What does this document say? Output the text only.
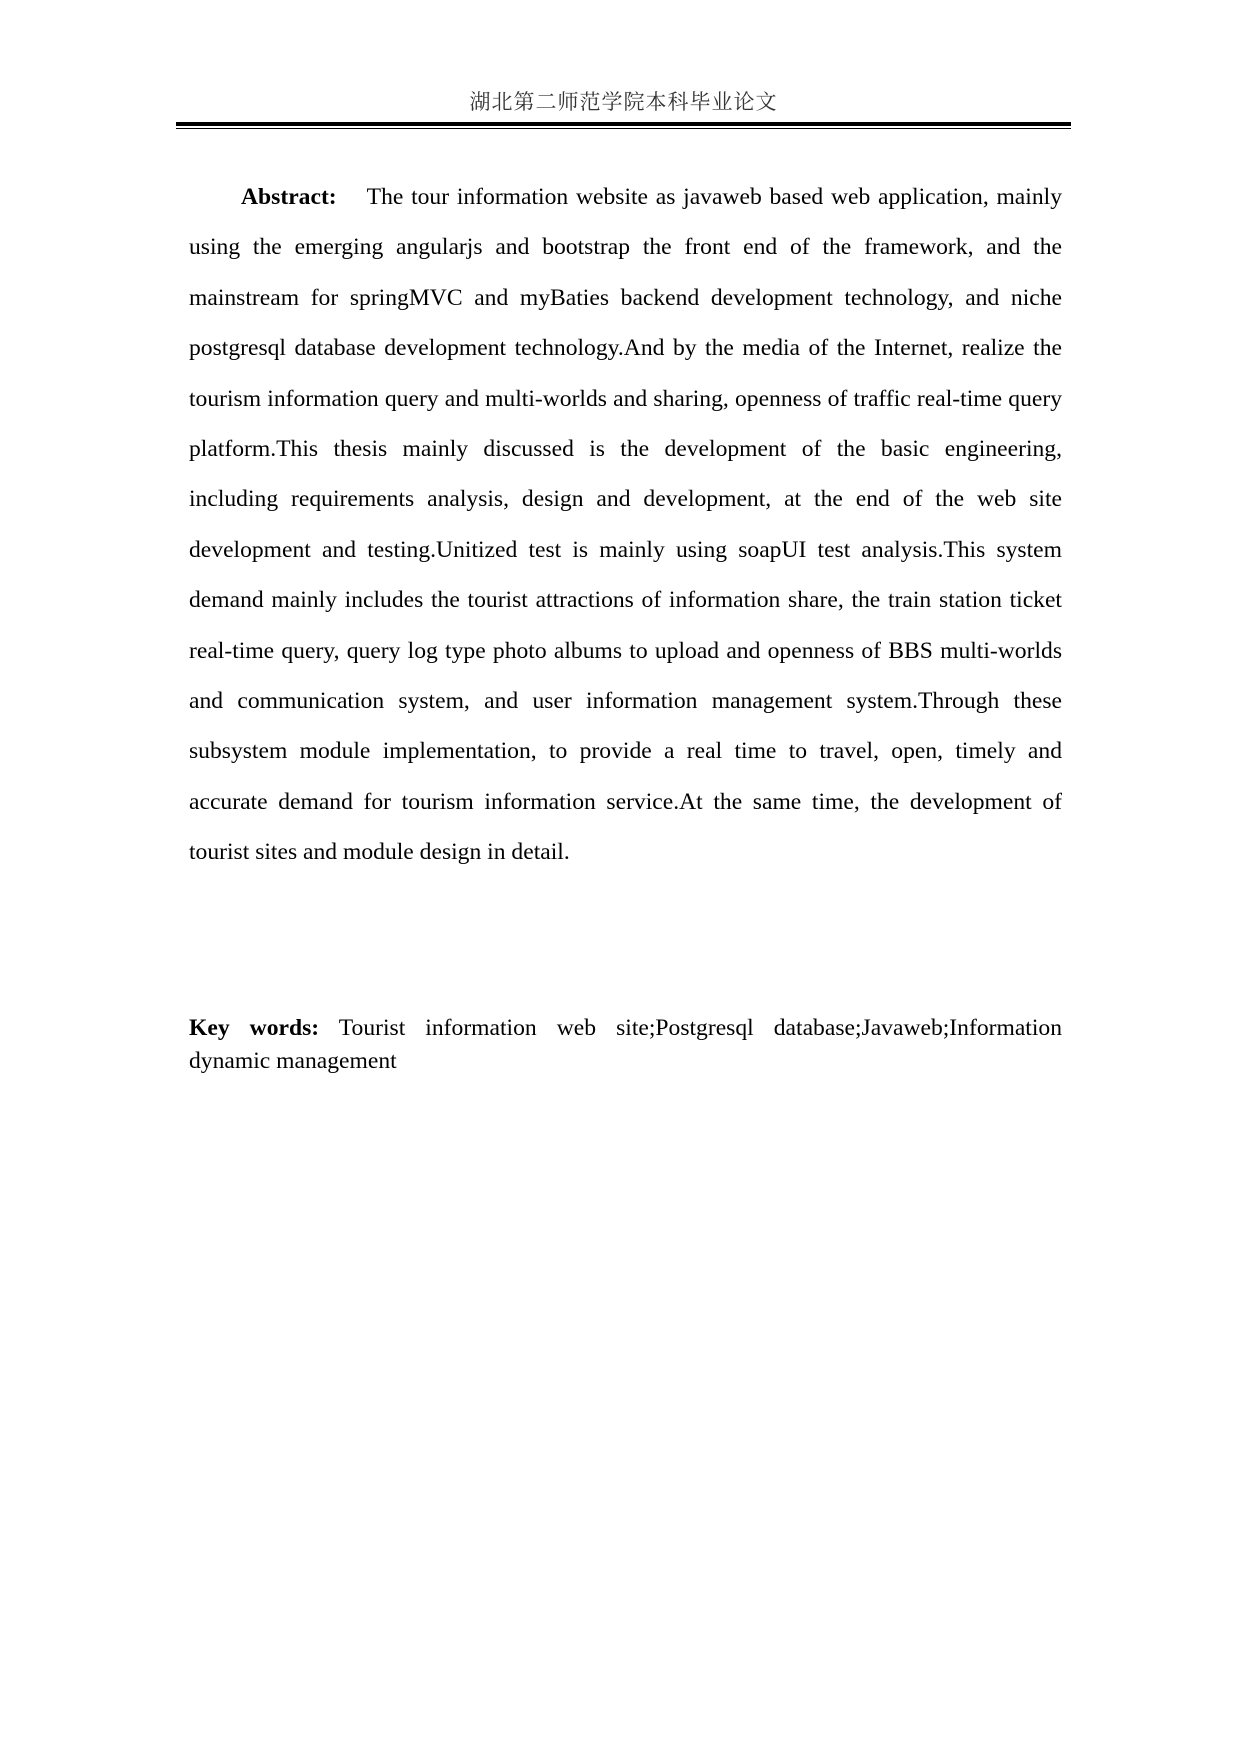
湖北第二师范学院本科毕业论文

Abstract: The tour information website as javaweb based web application, mainly using the emerging angularjs and bootstrap the front end of the framework, and the mainstream for springMVC and myBaties backend development technology, and niche postgresql database development technology.And by the media of the Internet, realize the tourism information query and multi-worlds and sharing, openness of traffic real-time query platform.This thesis mainly discussed is the development of the basic engineering, including requirements analysis, design and development, at the end of the web site development and testing.Unitized test is mainly using soapUI test analysis.This system demand mainly includes the tourist attractions of information share, the train station ticket real-time query, query log type photo albums to upload and openness of BBS multi-worlds and communication system, and user information management system.Through these subsystem module implementation, to provide a real time to travel, open, timely and accurate demand for tourism information service.At the same time, the development of tourist sites and module design in detail.

Key words: Tourist information web site;Postgresql database;Javaweb;Information dynamic management
